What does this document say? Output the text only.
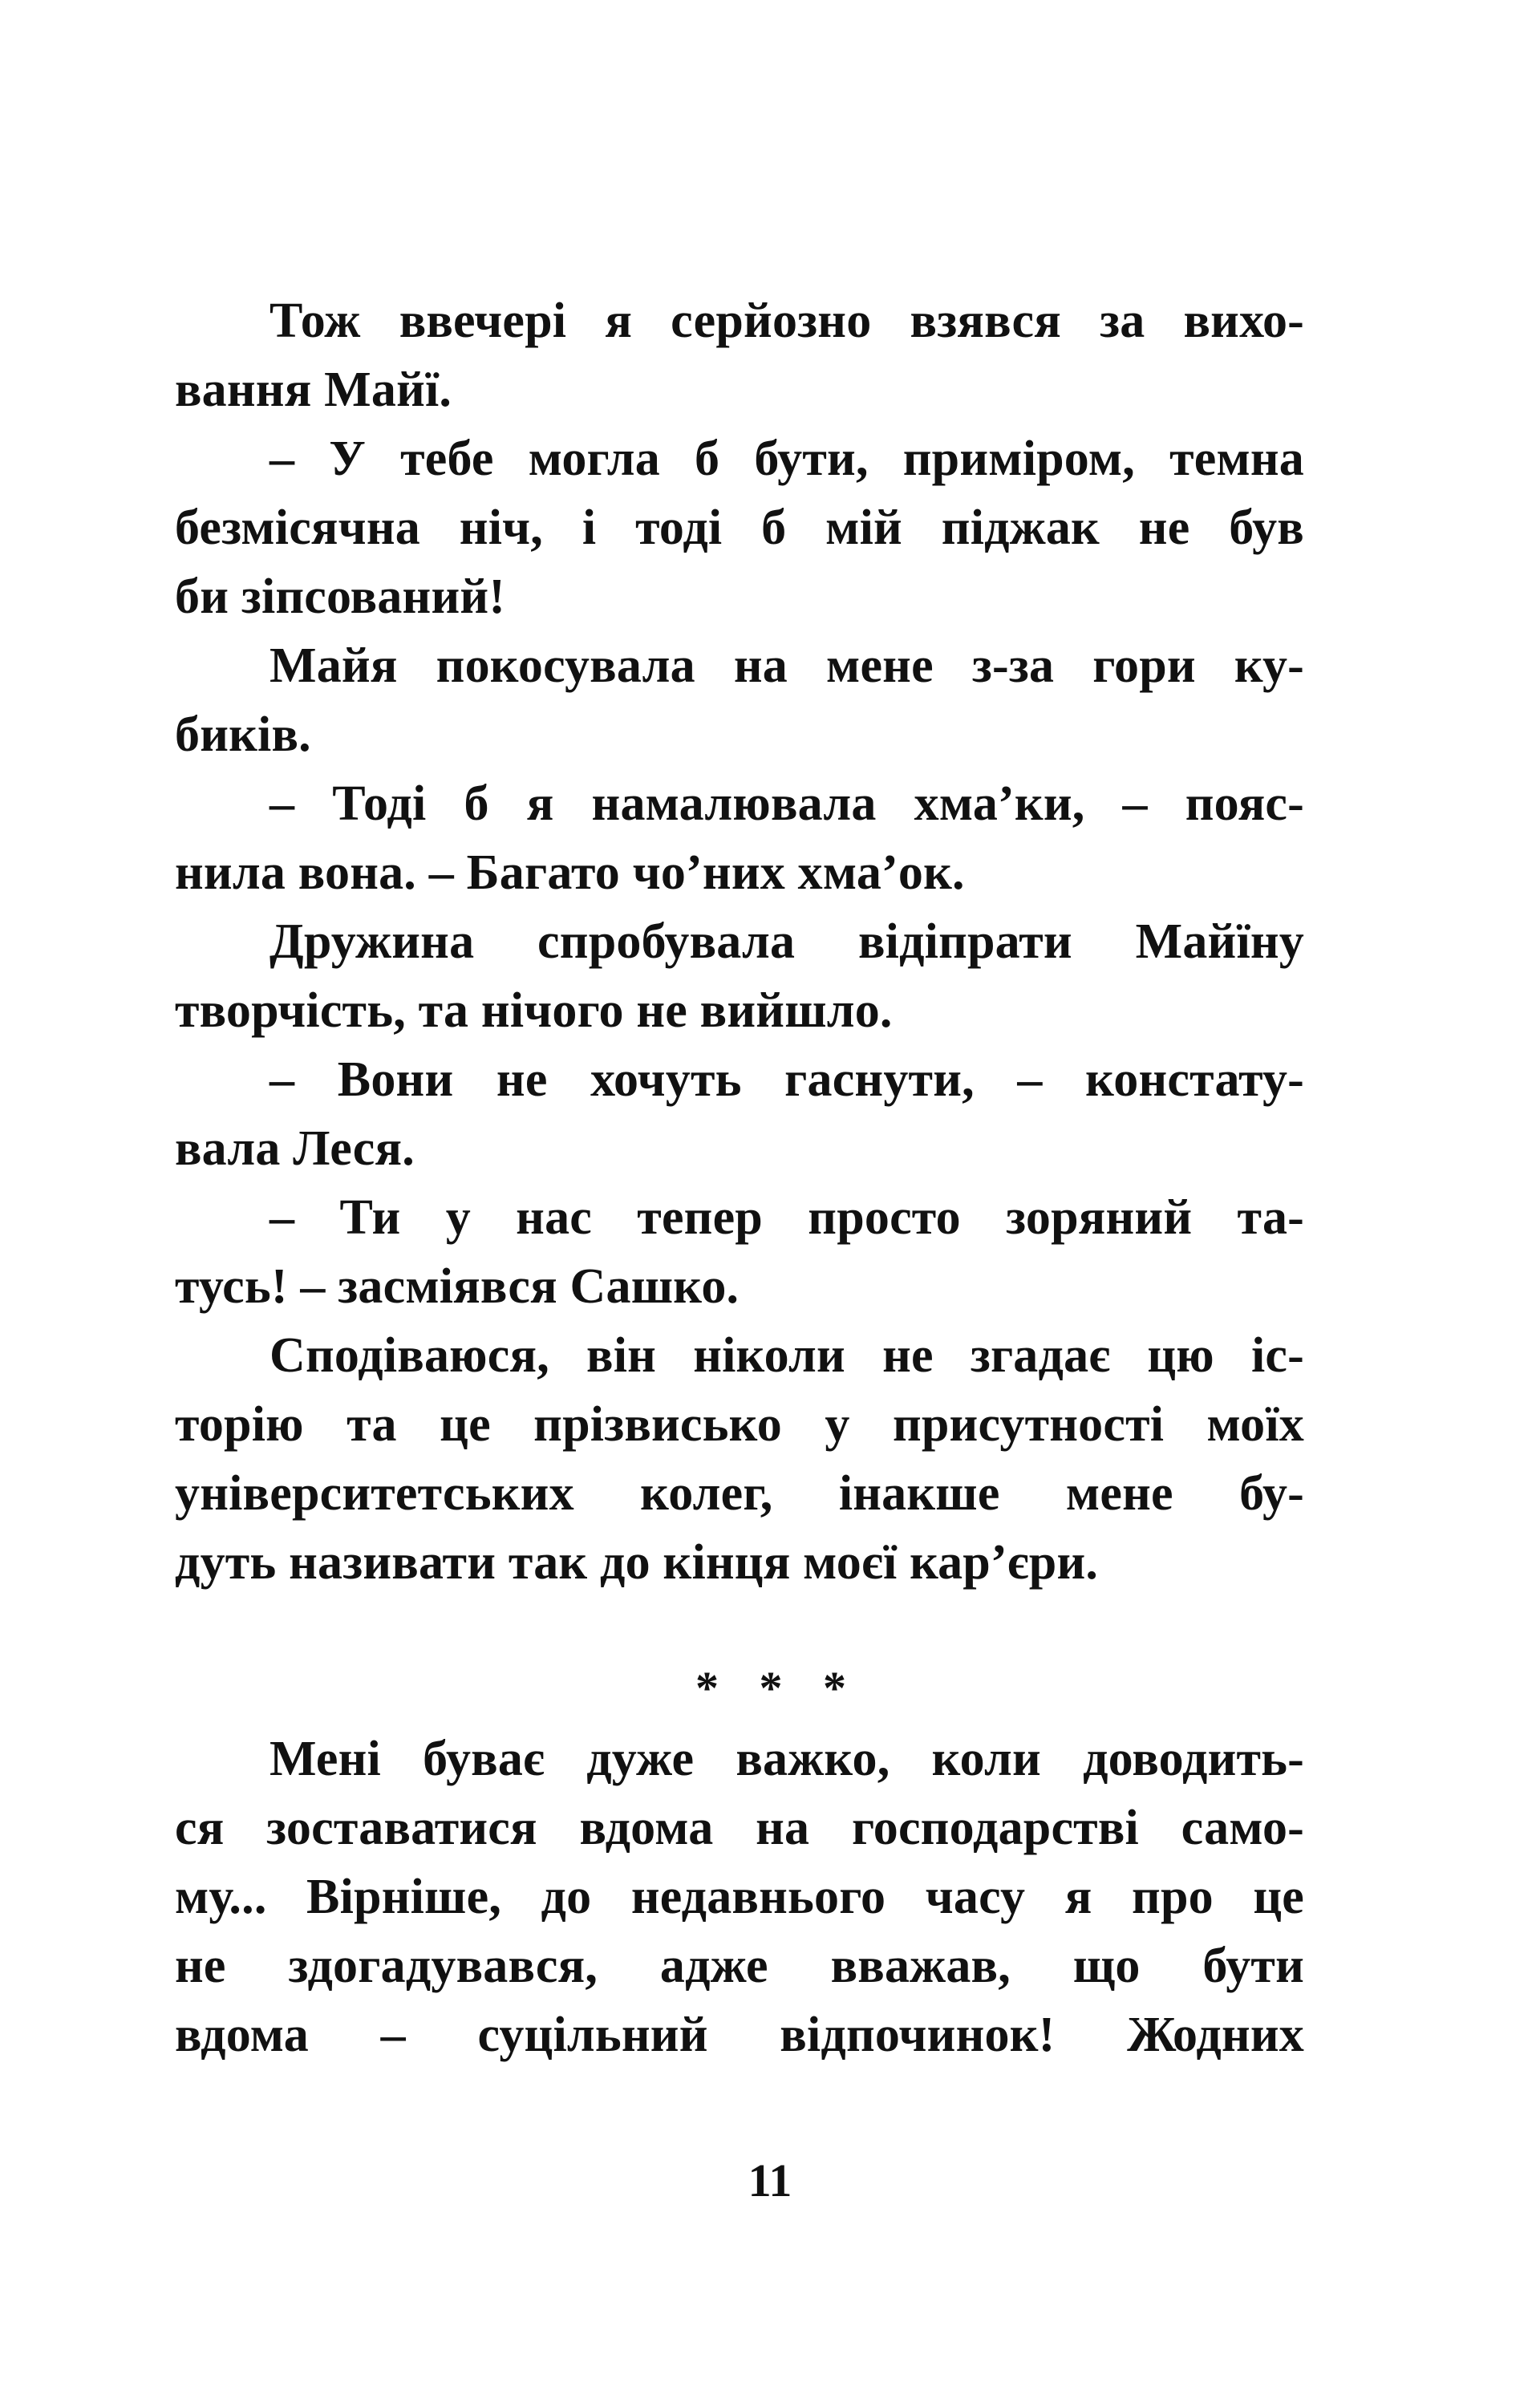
Тож ввечері я серйозно взявся за вихо-
вання Майї.
– У тебе могла б бути, приміром, темна
безмісячна ніч, і тоді б мій піджак не був
би зіпсований!
Майя покосувала на мене з-за гори ку-
биків.
– Тоді б я намалювала хма’ки, – пояс-
нила вона. – Багато чо’них хма’ок.
Дружина спробувала відіпрати Майїну
творчість, та нічого не вийшло.
– Вони не хочуть гаснути, – констату-
вала Леся.
– Ти у нас тепер просто зоряний та-
тусь! – засміявся Сашко.
Сподіваюся, він ніколи не згадає цю іс-
торію та це прізвисько у присутності моїх
університетських колег, інакше мене бу-
дуть називати так до кінця моєї кар’єри.
* * *
Мені буває дуже важко, коли доводить-
ся зоставатися вдома на господарстві само-
му... Вірніше, до недавнього часу я про це
не здогадувався, адже вважав, що бути
вдома – суцільний відпочинок! Жодних
11
